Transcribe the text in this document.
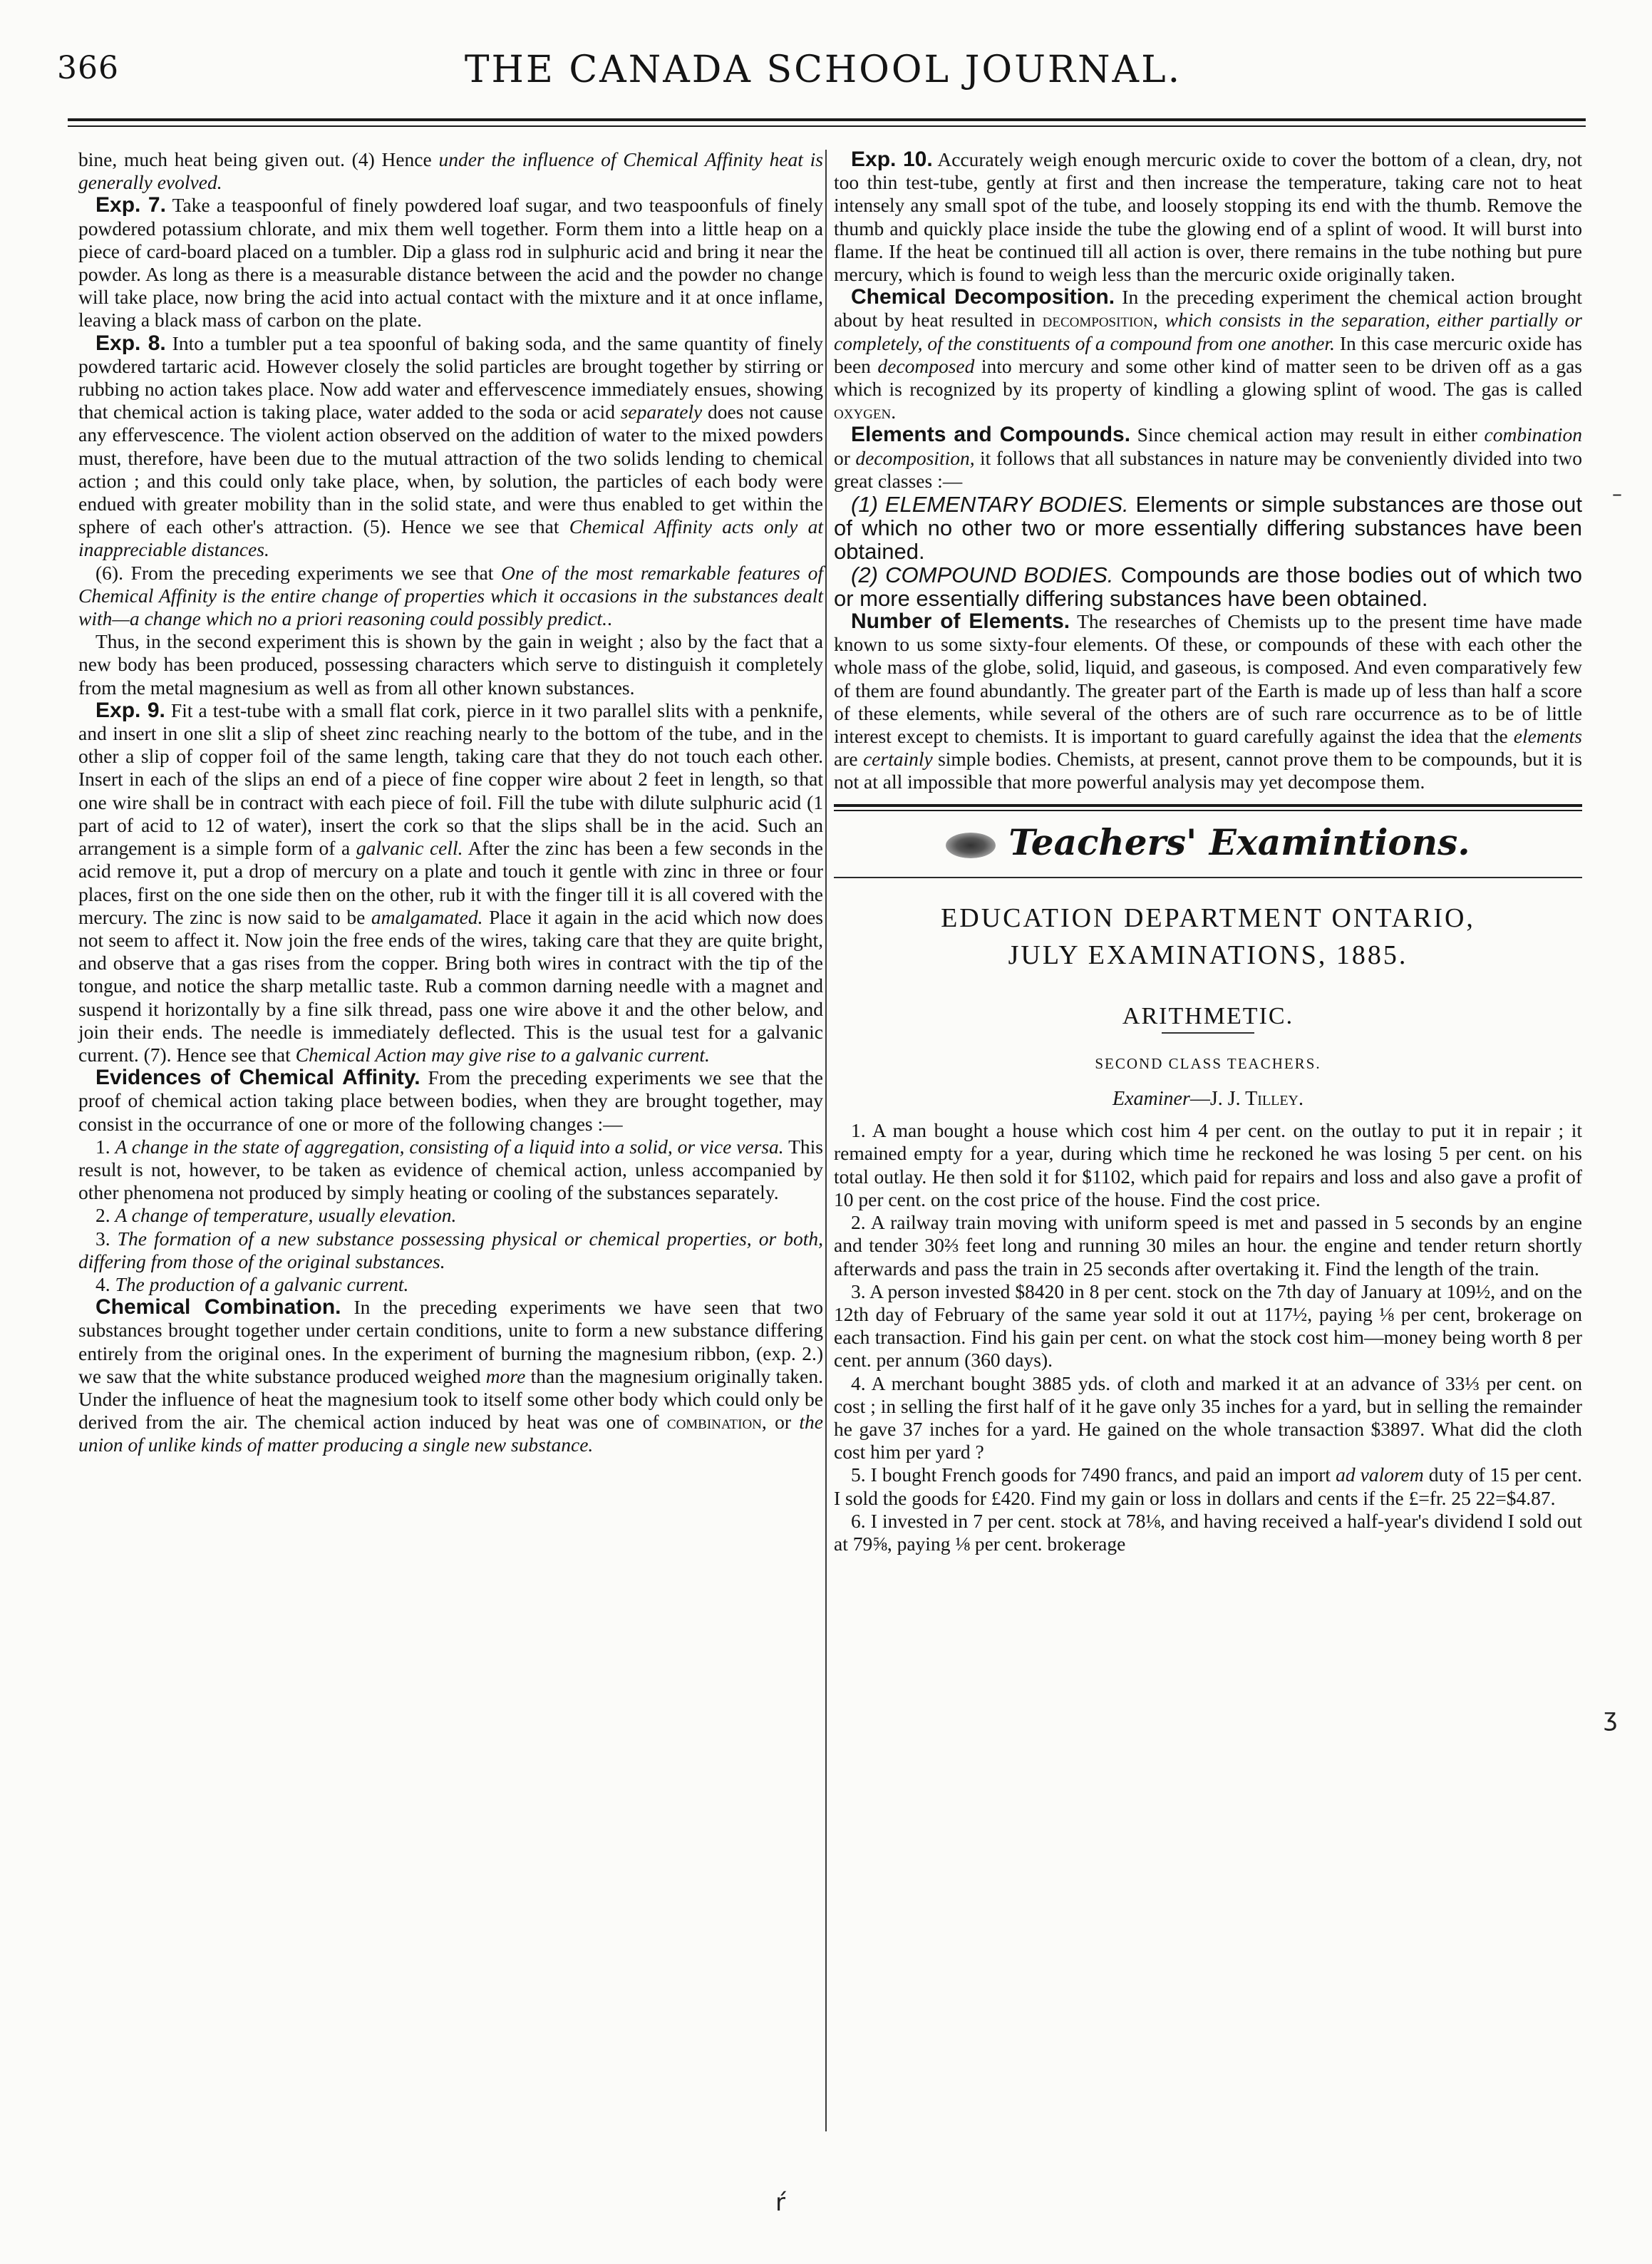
366	THE CANADA SCHOOL JOURNAL.

bine, much heat being given out. (4) Hence under the influence of Chemical Affinity heat is generally evolved.

Exp. 7. Take a teaspoonful of finely powdered loaf sugar, and two teaspoonfuls of finely powdered potassium chlorate, and mix them well together. Form them into a little heap on a piece of card-board placed on a tumbler. Dip a glass rod in sulphuric acid and bring it near the powder. As long as there is a measurable distance between the acid and the powder no change will take place, now bring the acid into actual contact with the mixture and it at once inflame, leaving a black mass of carbon on the plate.

Exp. 8. Into a tumbler put a tea spoonful of baking soda, and the same quantity of finely powdered tartaric acid. However closely the solid particles are brought together by stirring or rubbing no action takes place. Now add water and effervescence immediately ensues, showing that chemical action is taking place, water added to the soda or acid separately does not cause any effervescence. The violent action observed on the addition of water to the mixed powders must, therefore, have been due to the mutual attraction of the two solids lending to chemical action ; and this could only take place, when, by solution, the particles of each body were endued with greater mobility than in the solid state, and were thus enabled to get within the sphere of each other's attraction. (5). Hence we see that Chemical Affinity acts only at inappreciable distances.

(6). From the preceding experiments we see that One of the most remarkable features of Chemical Affinity is the entire change of properties which it occasions in the substances dealt with—a change which no a priori reasoning could possibly predict..

Thus, in the second experiment this is shown by the gain in weight ; also by the fact that a new body has been produced, possessing characters which serve to distinguish it completely from the metal magnesium as well as from all other known substances.

Exp. 9. Fit a test-tube with a small flat cork, pierce in it two parallel slits with a penknife, and insert in one slit a slip of sheet zinc reaching nearly to the bottom of the tube, and in the other a slip of copper foil of the same length, taking care that they do not touch each other. Insert in each of the slips an end of a piece of fine copper wire about 2 feet in length, so that one wire shall be in contract with each piece of foil. Fill the tube with dilute sulphuric acid (1 part of acid to 12 of water), insert the cork so that the slips shall be in the acid. Such an arrangement is a simple form of a galvanic cell. After the zinc has been a few seconds in the acid remove it, put a drop of mercury on a plate and touch it gentle with zinc in three or four places, first on the one side then on the other, rub it with the finger till it is all covered with the mercury. The zinc is now said to be amalgamated. Place it again in the acid which now does not seem to affect it. Now join the free ends of the wires, taking care that they are quite bright, and observe that a gas rises from the copper. Bring both wires in contract with the tip of the tongue, and notice the sharp metallic taste. Rub a common darning needle with a magnet and suspend it horizontally by a fine silk thread, pass one wire above it and the other below, and join their ends. The needle is immediately deflected. This is the usual test for a galvanic current. (7). Hence see that Chemical Action may give rise to a galvanic current.

Evidences of Chemical Affinity. From the preceding experiments we see that the proof of chemical action taking place between bodies, when they are brought together, may consist in the occurrance of one or more of the following changes :—

1. A change in the state of aggregation, consisting of a liquid into a solid, or vice versa. This result is not, however, to be taken as evidence of chemical action, unless accompanied by other phenomena not produced by simply heating or cooling of the substances separately.

2. A change of temperature, usually elevation.

3. The formation of a new substance possessing physical or chemical properties, or both, differing from those of the original substances.

4. The production of a galvanic current.

Chemical Combination. In the preceding experiments we have seen that two substances brought together under certain conditions, unite to form a new substance differing entirely from the original ones. In the experiment of burning the magnesium ribbon, (exp. 2.) we saw that the white substance produced weighed more than the magnesium originally taken. Under the influence of heat the magnesium took to itself some other body which could only be derived from the air. The chemical action induced by heat was one of combination, or the union of unlike kinds of matter producing a single new substance.

Exp. 10. Accurately weigh enough mercuric oxide to cover the bottom of a clean, dry, not too thin test-tube, gently at first and then increase the temperature, taking care not to heat intensely any small spot of the tube, and loosely stopping its end with the thumb. Remove the thumb and quickly place inside the tube the glowing end of a splint of wood. It will burst into flame. If the heat be continued till all action is over, there remains in the tube nothing but pure mercury, which is found to weigh less than the mercuric oxide originally taken.

Chemical Decomposition. In the preceding experiment the chemical action brought about by heat resulted in decomposition, which consists in the separation, either partially or completely, of the constituents of a compound from one another. In this case mercuric oxide has been decomposed into mercury and some other kind of matter seen to be driven off as a gas which is recognized by its property of kindling a glowing splint of wood. The gas is called oxygen.

Elements and Compounds. Since chemical action may result in either combination or decomposition, it follows that all substances in nature may be conveniently divided into two great classes :—

(1) ELEMENTARY BODIES. Elements or simple substances are those out of which no other two or more essentially differing substances have been obtained.

(2) COMPOUND BODIES. Compounds are those bodies out of which two or more essentially differing substances have been obtained.

Number of Elements. The researches of Chemists up to the present time have made known to us some sixty-four elements. Of these, or compounds of these with each other the whole mass of the globe, solid, liquid, and gaseous, is composed. And even comparatively few of them are found abundantly. The greater part of the Earth is made up of less than half a score of these elements, while several of the others are of such rare occurrence as to be of little interest except to chemists. It is important to guard carefully against the idea that the elements are certainly simple bodies. Chemists, at present, cannot prove them to be compounds, but it is not at all impossible that more powerful analysis may yet decompose them.

Teachers' Examintions.

EDUCATION DEPARTMENT ONTARIO,

JULY EXAMINATIONS, 1885.

ARITHMETIC.

SECOND CLASS TEACHERS.

Examiner—J. J. Tilley.

1. A man bought a house which cost him 4 per cent. on the outlay to put it in repair ; it remained empty for a year, during which time he reckoned he was losing 5 per cent. on his total outlay. He then sold it for $1102, which paid for repairs and loss and also gave a profit of 10 per cent. on the cost price of the house. Find the cost price.

2. A railway train moving with uniform speed is met and passed in 5 seconds by an engine and tender 30⅔ feet long and running 30 miles an hour. the engine and tender return shortly afterwards and pass the train in 25 seconds after overtaking it. Find the length of the train.

3. A person invested $8420 in 8 per cent. stock on the 7th day of January at 109½, and on the 12th day of February of the same year sold it out at 117½, paying ⅛ per cent, brokerage on each transaction. Find his gain per cent. on what the stock cost him—money being worth 8 per cent. per annum (360 days).

4. A merchant bought 3885 yds. of cloth and marked it at an advance of 33⅓ per cent. on cost ; in selling the first half of it he gave only 35 inches for a yard, but in selling the remainder he gave 37 inches for a yard. He gained on the whole transaction $3897. What did the cloth cost him per yard ?

5. I bought French goods for 7490 francs, and paid an import ad valorem duty of 15 per cent. I sold the goods for £420. Find my gain or loss in dollars and cents if the £=fr. 25 22=$4.87.

6. I invested in 7 per cent. stock at 78⅛, and having received a half-year's dividend I sold out at 79⅝, paying ⅛ per cent. brokerage

–
ʒ
ŕ
